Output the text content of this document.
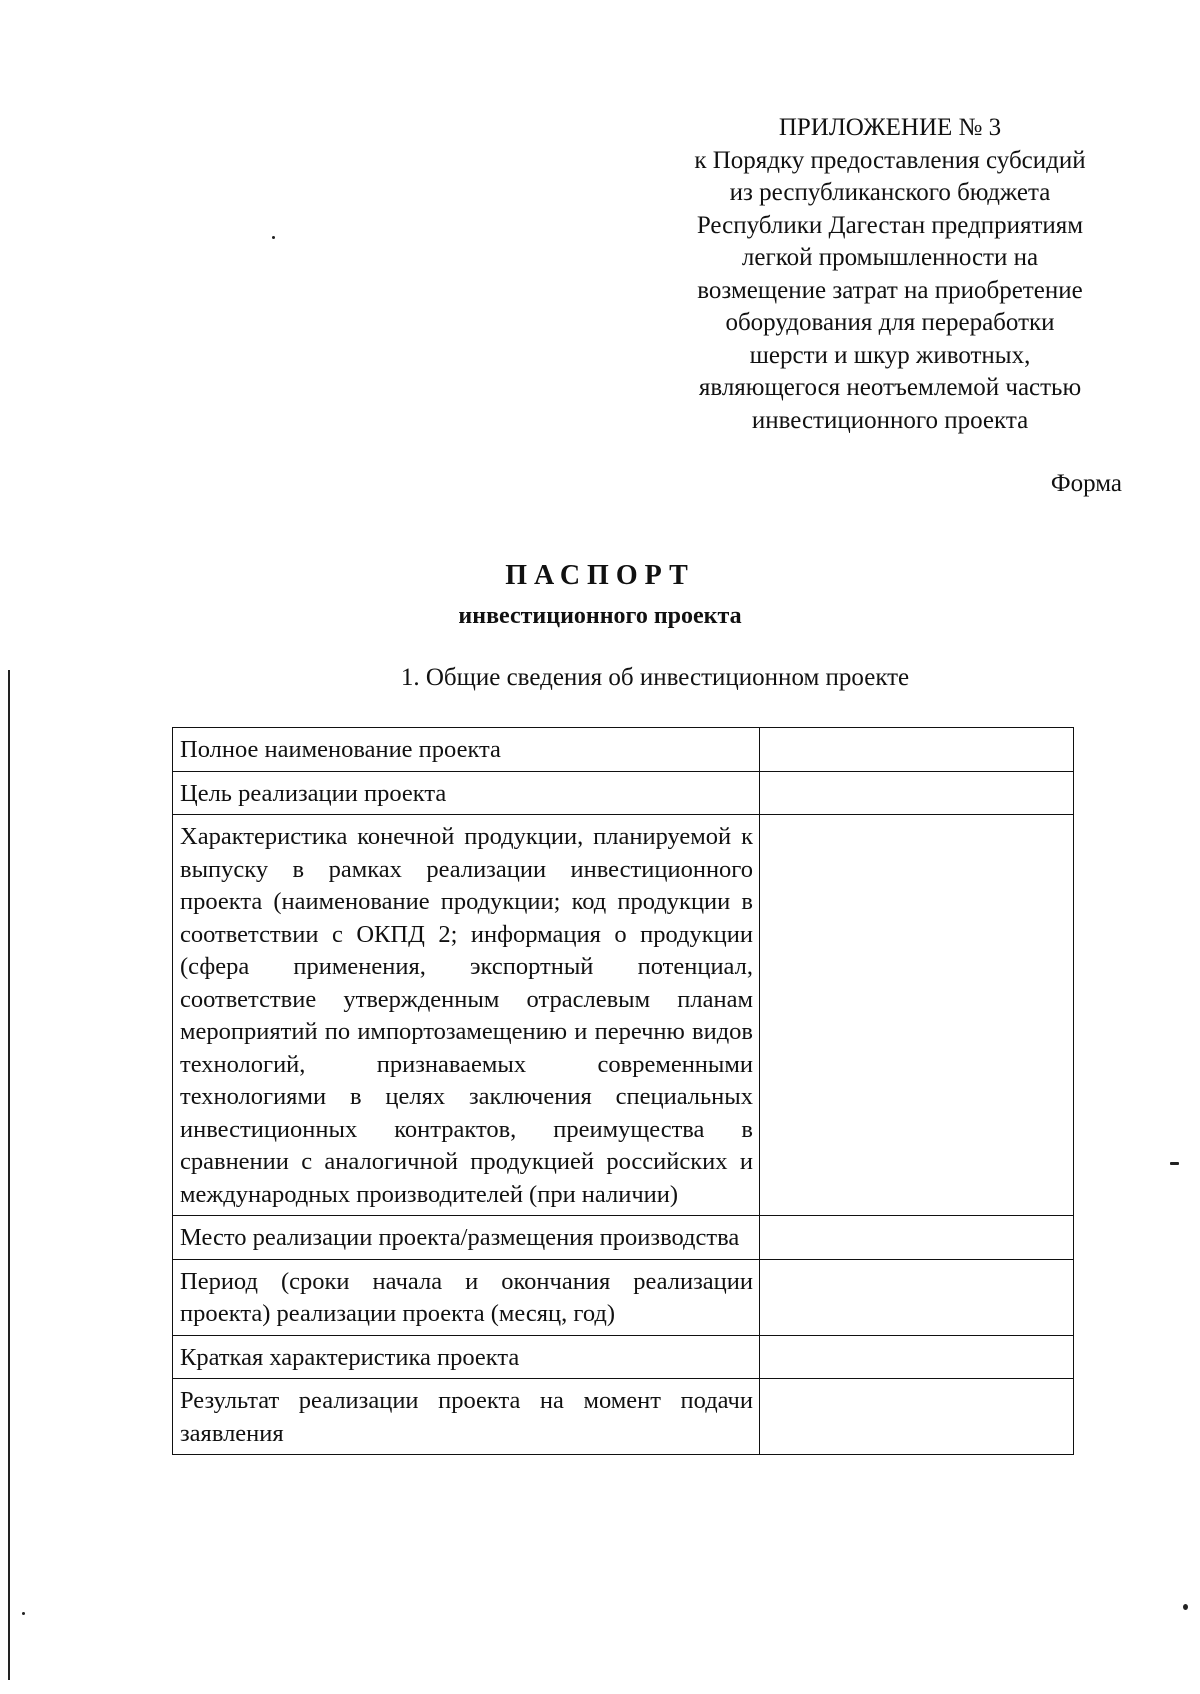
ПРИЛОЖЕНИЕ № 3
к Порядку предоставления субсидий
из республиканского бюджета
Республики Дагестан предприятиям
легкой промышленности на
возмещение затрат на приобретение
оборудования для переработки
шерсти и шкур животных,
являющегося неотъемлемой частью
инвестиционного проекта
Форма
ПАСПОРТ
инвестиционного проекта
1. Общие сведения об инвестиционном проекте
Полное наименование проекта	
Цель реализации проекта	
Характеристика конечной продукции, планируемой к выпуску в рамках реализации инвестиционного проекта (наименование продукции; код продукции в соответствии с ОКПД 2; информация о продукции (сфера применения, экспортный потенциал, соответствие утвержденным отраслевым планам мероприятий по импортозамещению и перечню видов технологий, признаваемых современными технологиями в целях заключения специальных инвестиционных контрактов, преимущества в сравнении с аналогичной продукцией российских и международных производителей (при наличии)	
Место реализации проекта/размещения производства	
Период (сроки начала и окончания реализации проекта) реализации проекта (месяц, год)	
Краткая характеристика проекта	
Результат реализации проекта на момент подачи заявления	
